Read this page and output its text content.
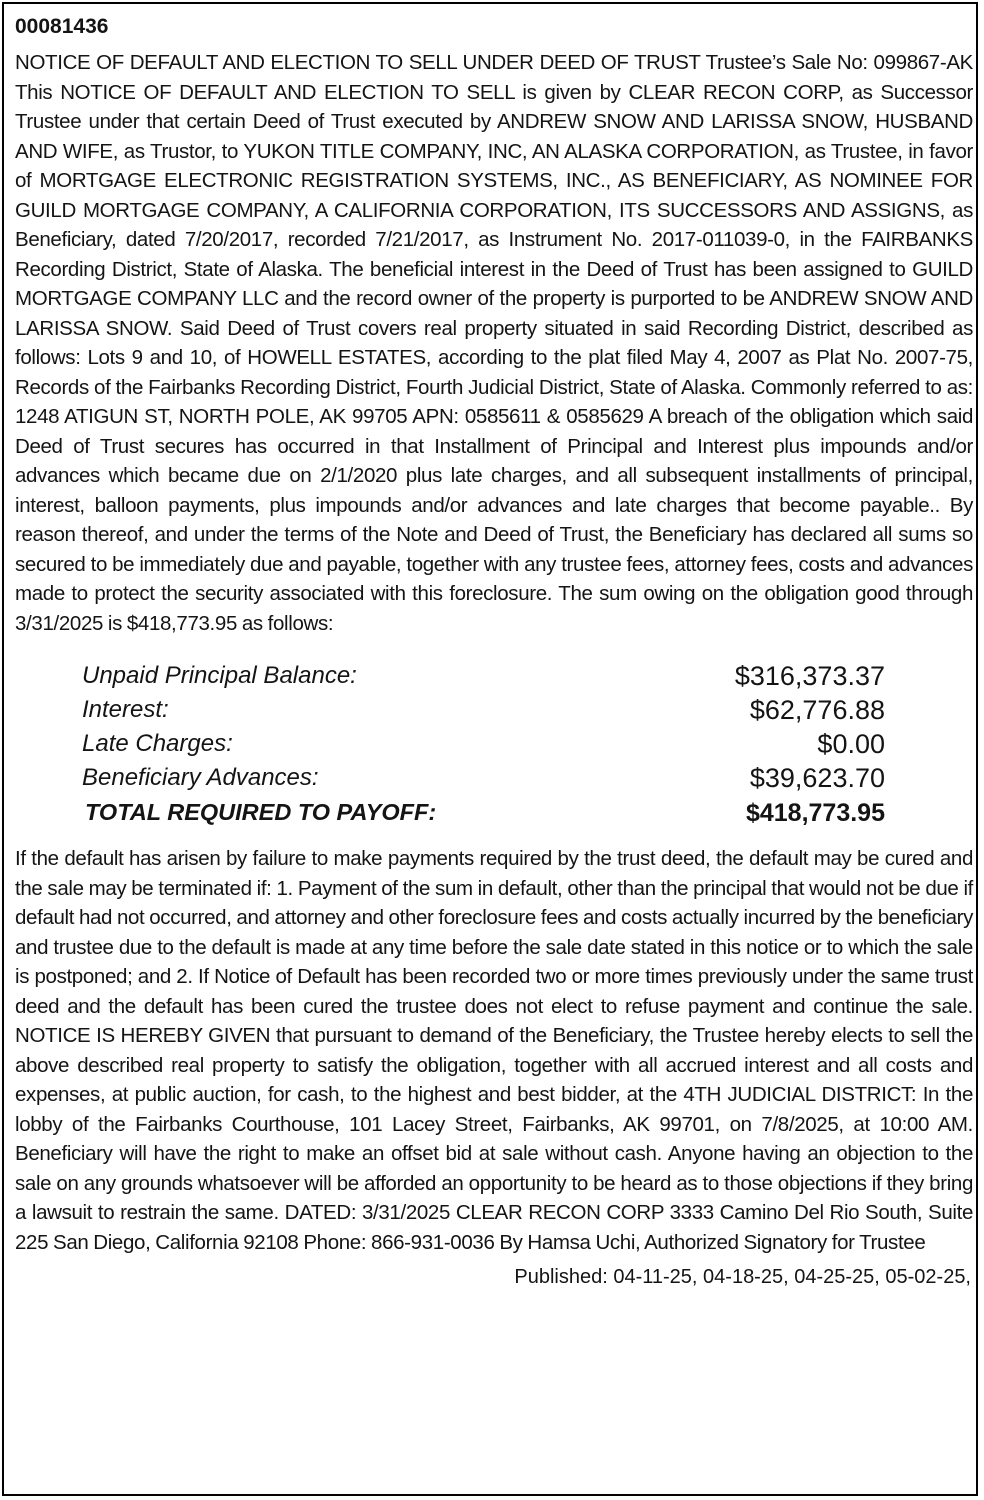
00081436

NOTICE OF DEFAULT AND ELECTION TO SELL UNDER DEED OF TRUST Trustee’s Sale No: 099867-AK This NOTICE OF DEFAULT AND ELECTION TO SELL is given by CLEAR RECON CORP, as Successor Trustee under that certain Deed of Trust executed by ANDREW SNOW AND LARISSA SNOW, HUSBAND AND WIFE, as Trustor, to YUKON TITLE COMPANY, INC, AN ALASKA CORPORATION, as Trustee, in favor of MORTGAGE ELECTRONIC REGISTRATION SYSTEMS, INC., AS BENEFICIARY, AS NOMINEE FOR GUILD MORTGAGE COMPANY, A CALIFORNIA CORPORATION, ITS SUCCESSORS AND ASSIGNS, as Beneficiary, dated 7/20/2017, recorded 7/21/2017, as Instrument No. 2017-011039-0, in the FAIRBANKS Recording District, State of Alaska. The beneficial interest in the Deed of Trust has been assigned to GUILD MORTGAGE COMPANY LLC and the record owner of the property is purported to be ANDREW SNOW AND LARISSA SNOW. Said Deed of Trust covers real property situated in said Recording District, described as follows: Lots 9 and 10, of HOWELL ESTATES, according to the plat filed May 4, 2007 as Plat No. 2007-75, Records of the Fairbanks Recording District, Fourth Judicial District, State of Alaska. Commonly referred to as: 1248 ATIGUN ST, NORTH POLE, AK 99705 APN: 0585611 & 0585629 A breach of the obligation which said Deed of Trust secures has occurred in that Installment of Principal and Interest plus impounds and/or advances which became due on 2/1/2020 plus late charges, and all subsequent installments of principal, interest, balloon payments, plus impounds and/or advances and late charges that become payable.. By reason thereof, and under the terms of the Note and Deed of Trust, the Beneficiary has declared all sums so secured to be immediately due and payable, together with any trustee fees, attorney fees, costs and advances made to protect the security associated with this foreclosure. The sum owing on the obligation good through 3/31/2025 is $418,773.95 as follows:

Unpaid Principal Balance:	$316,373.37
Interest:	$62,776.88
Late Charges:	$0.00
Beneficiary Advances:	$39,623.70
TOTAL REQUIRED TO PAYOFF:	$418,773.95

If the default has arisen by failure to make payments required by the trust deed, the default may be cured and the sale may be terminated if: 1. Payment of the sum in default, other than the principal that would not be due if default had not occurred, and attorney and other foreclosure fees and costs actually incurred by the beneficiary and trustee due to the default is made at any time before the sale date stated in this notice or to which the sale is postponed; and 2. If Notice of Default has been recorded two or more times previously under the same trust deed and the default has been cured the trustee does not elect to refuse payment and continue the sale. NOTICE IS HEREBY GIVEN that pursuant to demand of the Beneficiary, the Trustee hereby elects to sell the above described real property to satisfy the obligation, together with all accrued interest and all costs and expenses, at public auction, for cash, to the highest and best bidder, at the 4TH JUDICIAL DISTRICT: In the lobby of the Fairbanks Courthouse, 101 Lacey Street, Fairbanks, AK 99701, on 7/8/2025, at 10:00 AM. Beneficiary will have the right to make an offset bid at sale without cash. Anyone having an objection to the sale on any grounds whatsoever will be afforded an opportunity to be heard as to those objections if they bring a lawsuit to restrain the same. DATED: 3/31/2025 CLEAR RECON CORP 3333 Camino Del Rio South, Suite 225 San Diego, California 92108 Phone: 866-931-0036 By Hamsa Uchi, Authorized Signatory for Trustee

Published: 04-11-25, 04-18-25, 04-25-25, 05-02-25,
